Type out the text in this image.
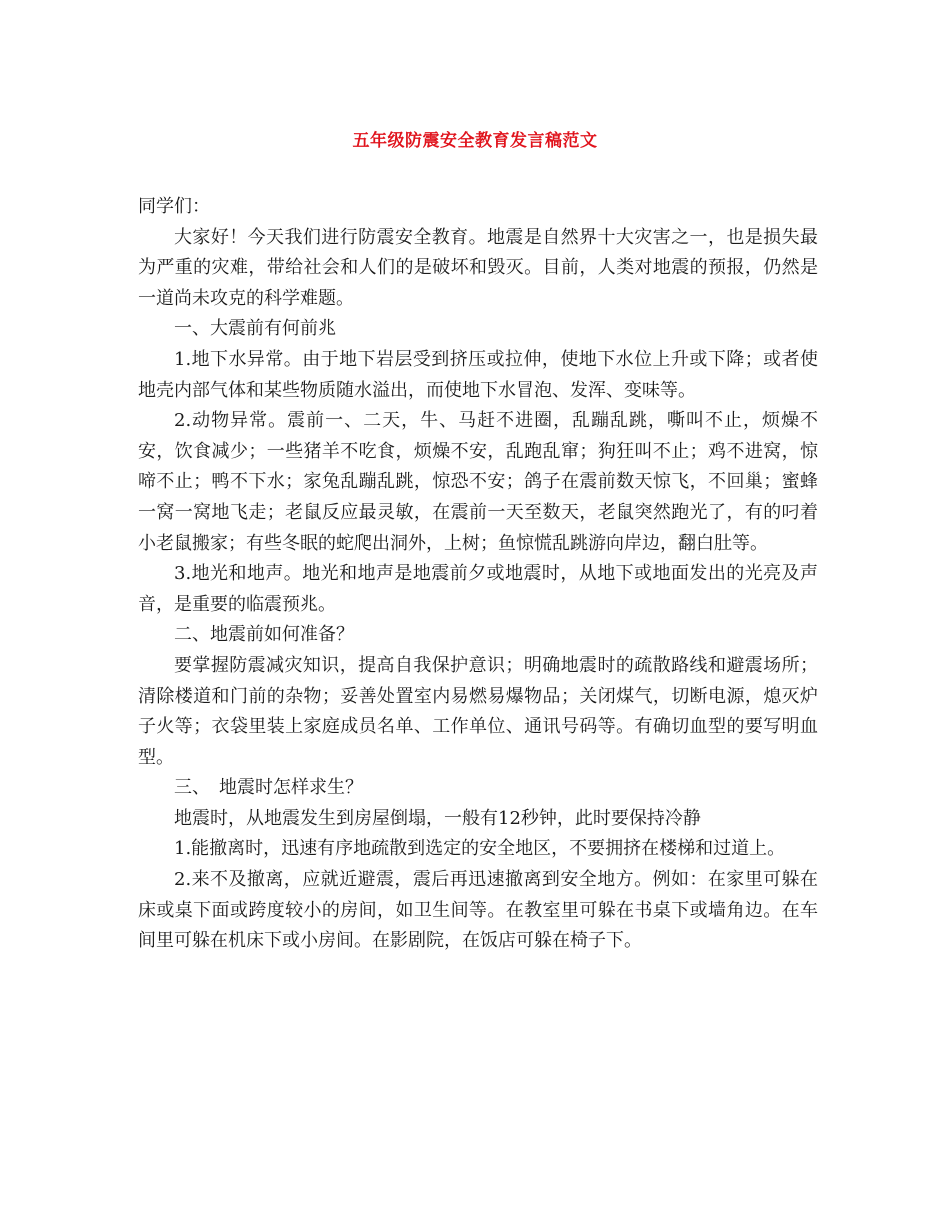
五年级防震安全教育发言稿范文

同学们：

大家好！今天我们进行防震安全教育。地震是自然界十大灾害之一，也是损失最为严重的灾难，带给社会和人们的是破坏和毁灭。目前，人类对地震的预报，仍然是一道尚未攻克的科学难题。

一、大震前有何前兆

1.地下水异常。由于地下岩层受到挤压或拉伸，使地下水位上升或下降；或者使地壳内部气体和某些物质随水溢出，而使地下水冒泡、发浑、变味等。

2.动物异常。震前一、二天，牛、马赶不进圈，乱蹦乱跳，嘶叫不止，烦燥不安，饮食减少；一些猪羊不吃食，烦燥不安，乱跑乱窜；狗狂叫不止；鸡不进窝，惊啼不止；鸭不下水；家兔乱蹦乱跳，惊恐不安；鸽子在震前数天惊飞，不回巢；蜜蜂一窝一窝地飞走；老鼠反应最灵敏，在震前一天至数天，老鼠突然跑光了，有的叼着小老鼠搬家；有些冬眠的蛇爬出洞外，上树；鱼惊慌乱跳游向岸边，翻白肚等。

3.地光和地声。地光和地声是地震前夕或地震时，从地下或地面发出的光亮及声音，是重要的临震预兆。

二、地震前如何准备？

要掌握防震减灾知识，提高自我保护意识；明确地震时的疏散路线和避震场所；清除楼道和门前的杂物；妥善处置室内易燃易爆物品；关闭煤气，切断电源，熄灭炉子火等；衣袋里装上家庭成员名单、工作单位、通讯号码等。有确切血型的要写明血型。

三、　地震时怎样求生？

地震时，从地震发生到房屋倒塌，一般有12秒钟，此时要保持冷静

1.能撤离时，迅速有序地疏散到选定的安全地区，不要拥挤在楼梯和过道上。

2.来不及撤离，应就近避震，震后再迅速撤离到安全地方。例如：在家里可躲在床或桌下面或跨度较小的房间，如卫生间等。在教室里可躲在书桌下或墙角边。在车间里可躲在机床下或小房间。在影剧院，在饭店可躲在椅子下。
